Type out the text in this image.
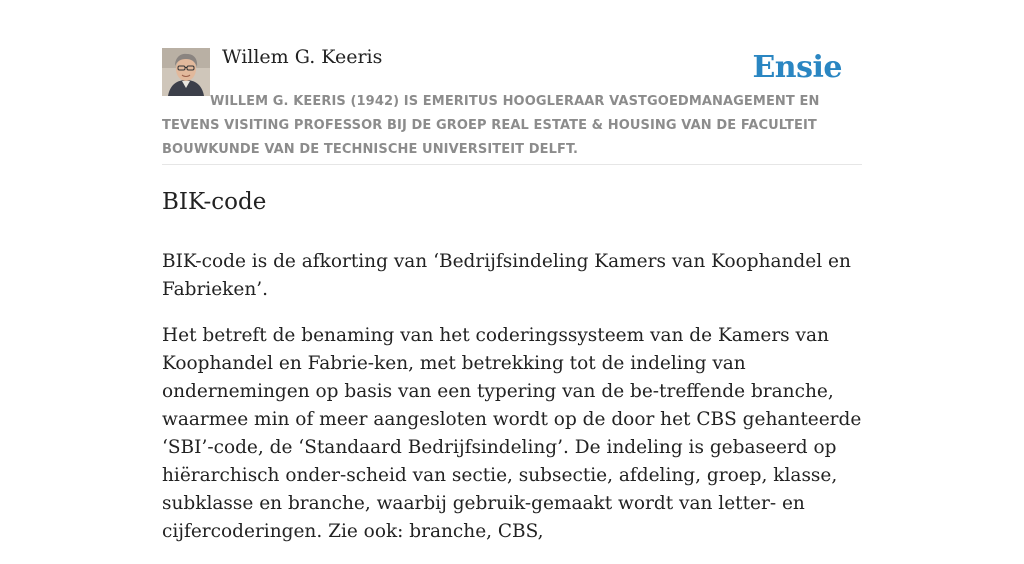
Willem G. Keeris	Ensie

WILLEM G. KEERIS (1942) IS EMERITUS HOOGLERAAR VASTGOEDMANAGEMENT EN TEVENS VISITING PROFESSOR BIJ DE GROEP REAL ESTATE & HOUSING VAN DE FACULTEIT BOUWKUNDE VAN DE TECHNISCHE UNIVERSITEIT DELFT.

BIK-code

BIK-code is de afkorting van ‘Bedrijfsindeling Kamers van Koophandel en Fabrieken’.

Het betreft de benaming van het coderingssysteem van de Kamers van Koophandel en Fabrie-ken, met betrekking tot de indeling van ondernemingen op basis van een typering van de be-treffende branche, waarmee min of meer aangesloten wordt op de door het CBS gehanteerde ‘SBI’-code, de ‘Standaard Bedrijfsindeling’. De indeling is gebaseerd op hiërarchisch onder-scheid van sectie, subsectie, afdeling, groep, klasse, subklasse en branche, waarbij gebruik-gemaakt wordt van letter- en cijfercoderingen. Zie ook: branche, CBS,
